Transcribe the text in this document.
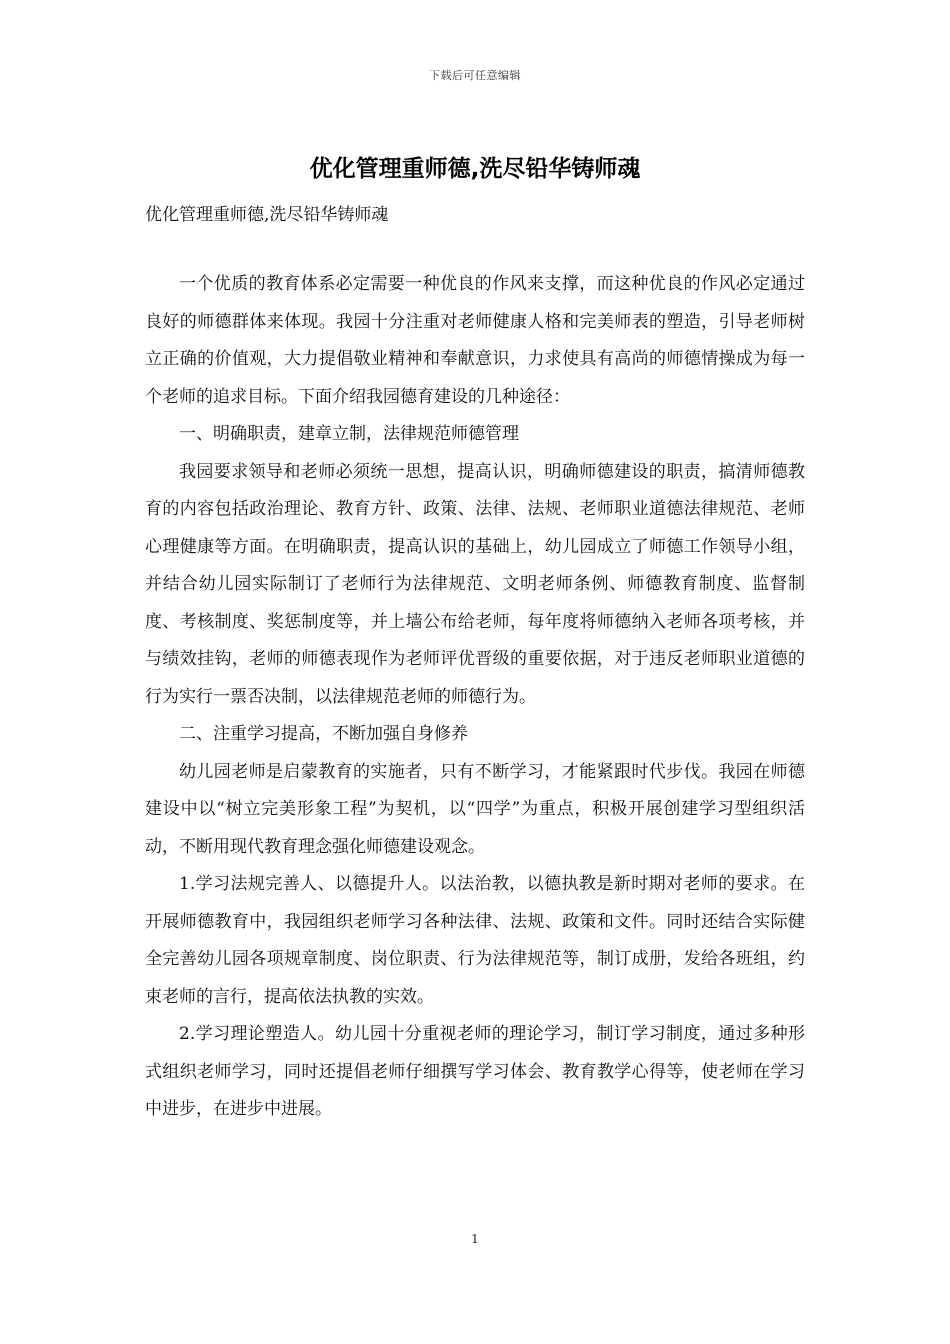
下载后可任意编辑
优化管理重师德,洗尽铅华铸师魂

优化管理重师德,洗尽铅华铸师魂

一个优质的教育体系必定需要一种优良的作风来支撑，而这种优良的作风必定通过良好的师德群体来体现。我园十分注重对老师健康人格和完美师表的塑造，引导老师树立正确的价值观，大力提倡敬业精神和奉献意识，力求使具有高尚的师德情操成为每一个老师的追求目标。下面介绍我园德育建设的几种途径：

一、明确职责，建章立制，法律规范师德管理

我园要求领导和老师必须统一思想，提高认识，明确师德建设的职责，搞清师德教育的内容包括政治理论、教育方针、政策、法律、法规、老师职业道德法律规范、老师心理健康等方面。在明确职责，提高认识的基础上，幼儿园成立了师德工作领导小组，并结合幼儿园实际制订了老师行为法律规范、文明老师条例、师德教育制度、监督制度、考核制度、奖惩制度等，并上墙公布给老师，每年度将师德纳入老师各项考核，并与绩效挂钩，老师的师德表现作为老师评优晋级的重要依据，对于违反老师职业道德的行为实行一票否决制，以法律规范老师的师德行为。

二、注重学习提高，不断加强自身修养

幼儿园老师是启蒙教育的实施者，只有不断学习，才能紧跟时代步伐。我园在师德建设中以“树立完美形象工程”为契机，以“四学”为重点，积极开展创建学习型组织活动，不断用现代教育理念强化师德建设观念。

1.学习法规完善人、以德提升人。以法治教，以德执教是新时期对老师的要求。在开展师德教育中，我园组织老师学习各种法律、法规、政策和文件。同时还结合实际健全完善幼儿园各项规章制度、岗位职责、行为法律规范等，制订成册，发给各班组，约束老师的言行，提高依法执教的实效。

2.学习理论塑造人。幼儿园十分重视老师的理论学习，制订学习制度，通过多种形式组织老师学习，同时还提倡老师仔细撰写学习体会、教育教学心得等，使老师在学习中进步，在进步中进展。

1
